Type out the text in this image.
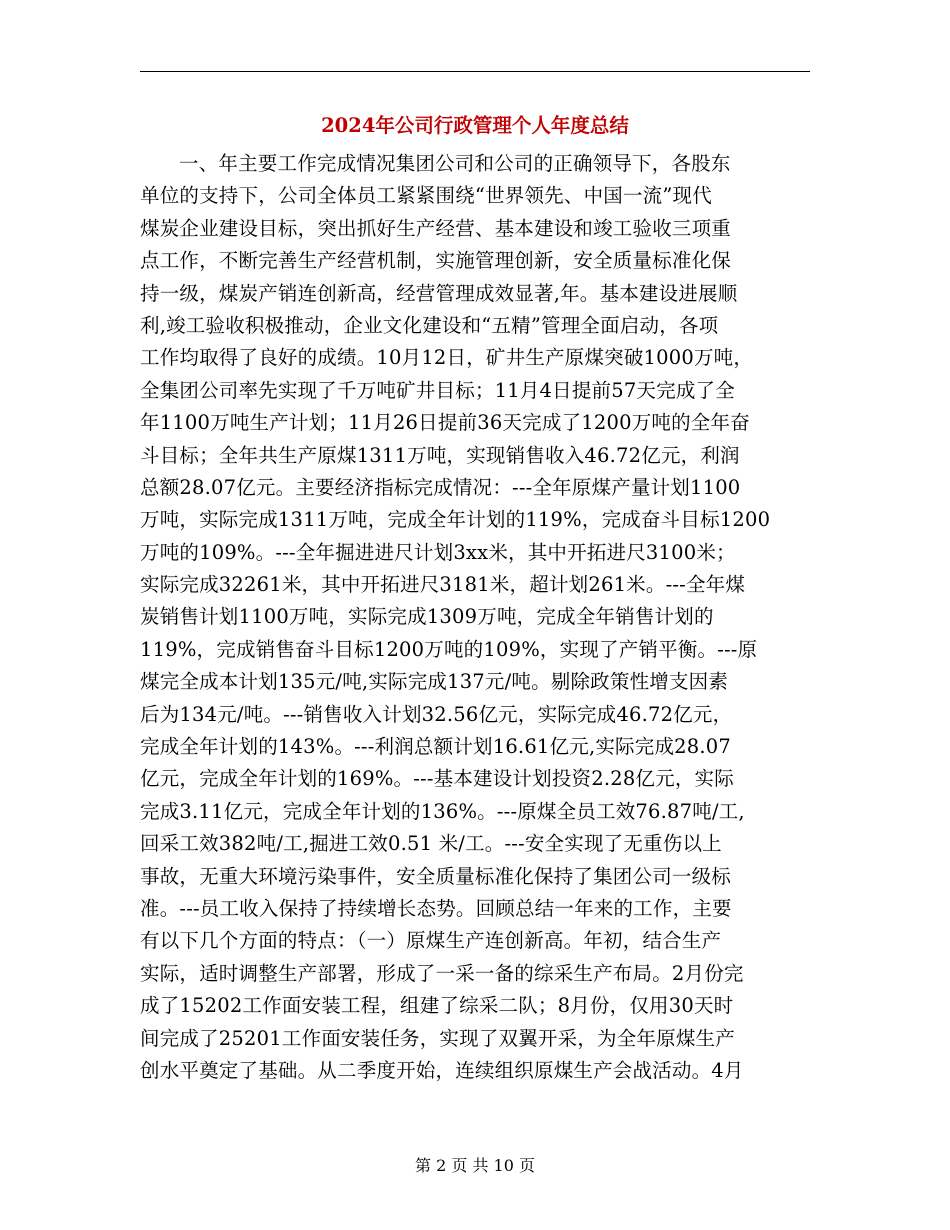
2024年公司行政管理个人年度总结
一、年主要工作完成情况集团公司和公司的正确领导下，各股东
单位的支持下，公司全体员工紧紧围绕“世界领先、中国一流”现代
煤炭企业建设目标，突出抓好生产经营、基本建设和竣工验收三项重
点工作，不断完善生产经营机制，实施管理创新，安全质量标准化保
持一级，煤炭产销连创新高，经营管理成效显著,年。基本建设进展顺
利,竣工验收积极推动，企业文化建设和“五精”管理全面启动，各项
工作均取得了良好的成绩。10月12日，矿井生产原煤突破1000万吨，
全集团公司率先实现了千万吨矿井目标；11月4日提前57天完成了全
年1100万吨生产计划；11月26日提前36天完成了1200万吨的全年奋
斗目标；全年共生产原煤1311万吨，实现销售收入46.72亿元，利润
总额28.07亿元。主要经济指标完成情况：---全年原煤产量计划1100
万吨，实际完成1311万吨，完成全年计划的119%，完成奋斗目标1200
万吨的109%。---全年掘进进尺计划3xx米，其中开拓进尺3100米；
实际完成32261米，其中开拓进尺3181米，超计划261米。---全年煤
炭销售计划1100万吨，实际完成1309万吨，完成全年销售计划的
119%，完成销售奋斗目标1200万吨的109%，实现了产销平衡。---原
煤完全成本计划135元/吨,实际完成137元/吨。剔除政策性增支因素
后为134元/吨。---销售收入计划32.56亿元，实际完成46.72亿元，
完成全年计划的143%。---利润总额计划16.61亿元,实际完成28.07
亿元，完成全年计划的169%。---基本建设计划投资2.28亿元，实际
完成3.11亿元，完成全年计划的136%。---原煤全员工效76.87吨/工,
回采工效382吨/工,掘进工效0.51 米/工。---安全实现了无重伤以上
事故，无重大环境污染事件，安全质量标准化保持了集团公司一级标
准。---员工收入保持了持续增长态势。回顾总结一年来的工作，主要
有以下几个方面的特点：（一）原煤生产连创新高。年初，结合生产
实际，适时调整生产部署，形成了一采一备的综采生产布局。2月份完
成了15202工作面安装工程，组建了综采二队；8月份，仅用30天时
间完成了25201工作面安装任务，实现了双翼开采，为全年原煤生产
创水平奠定了基础。从二季度开始，连续组织原煤生产会战活动。4月
第 2 页 共 10 页
